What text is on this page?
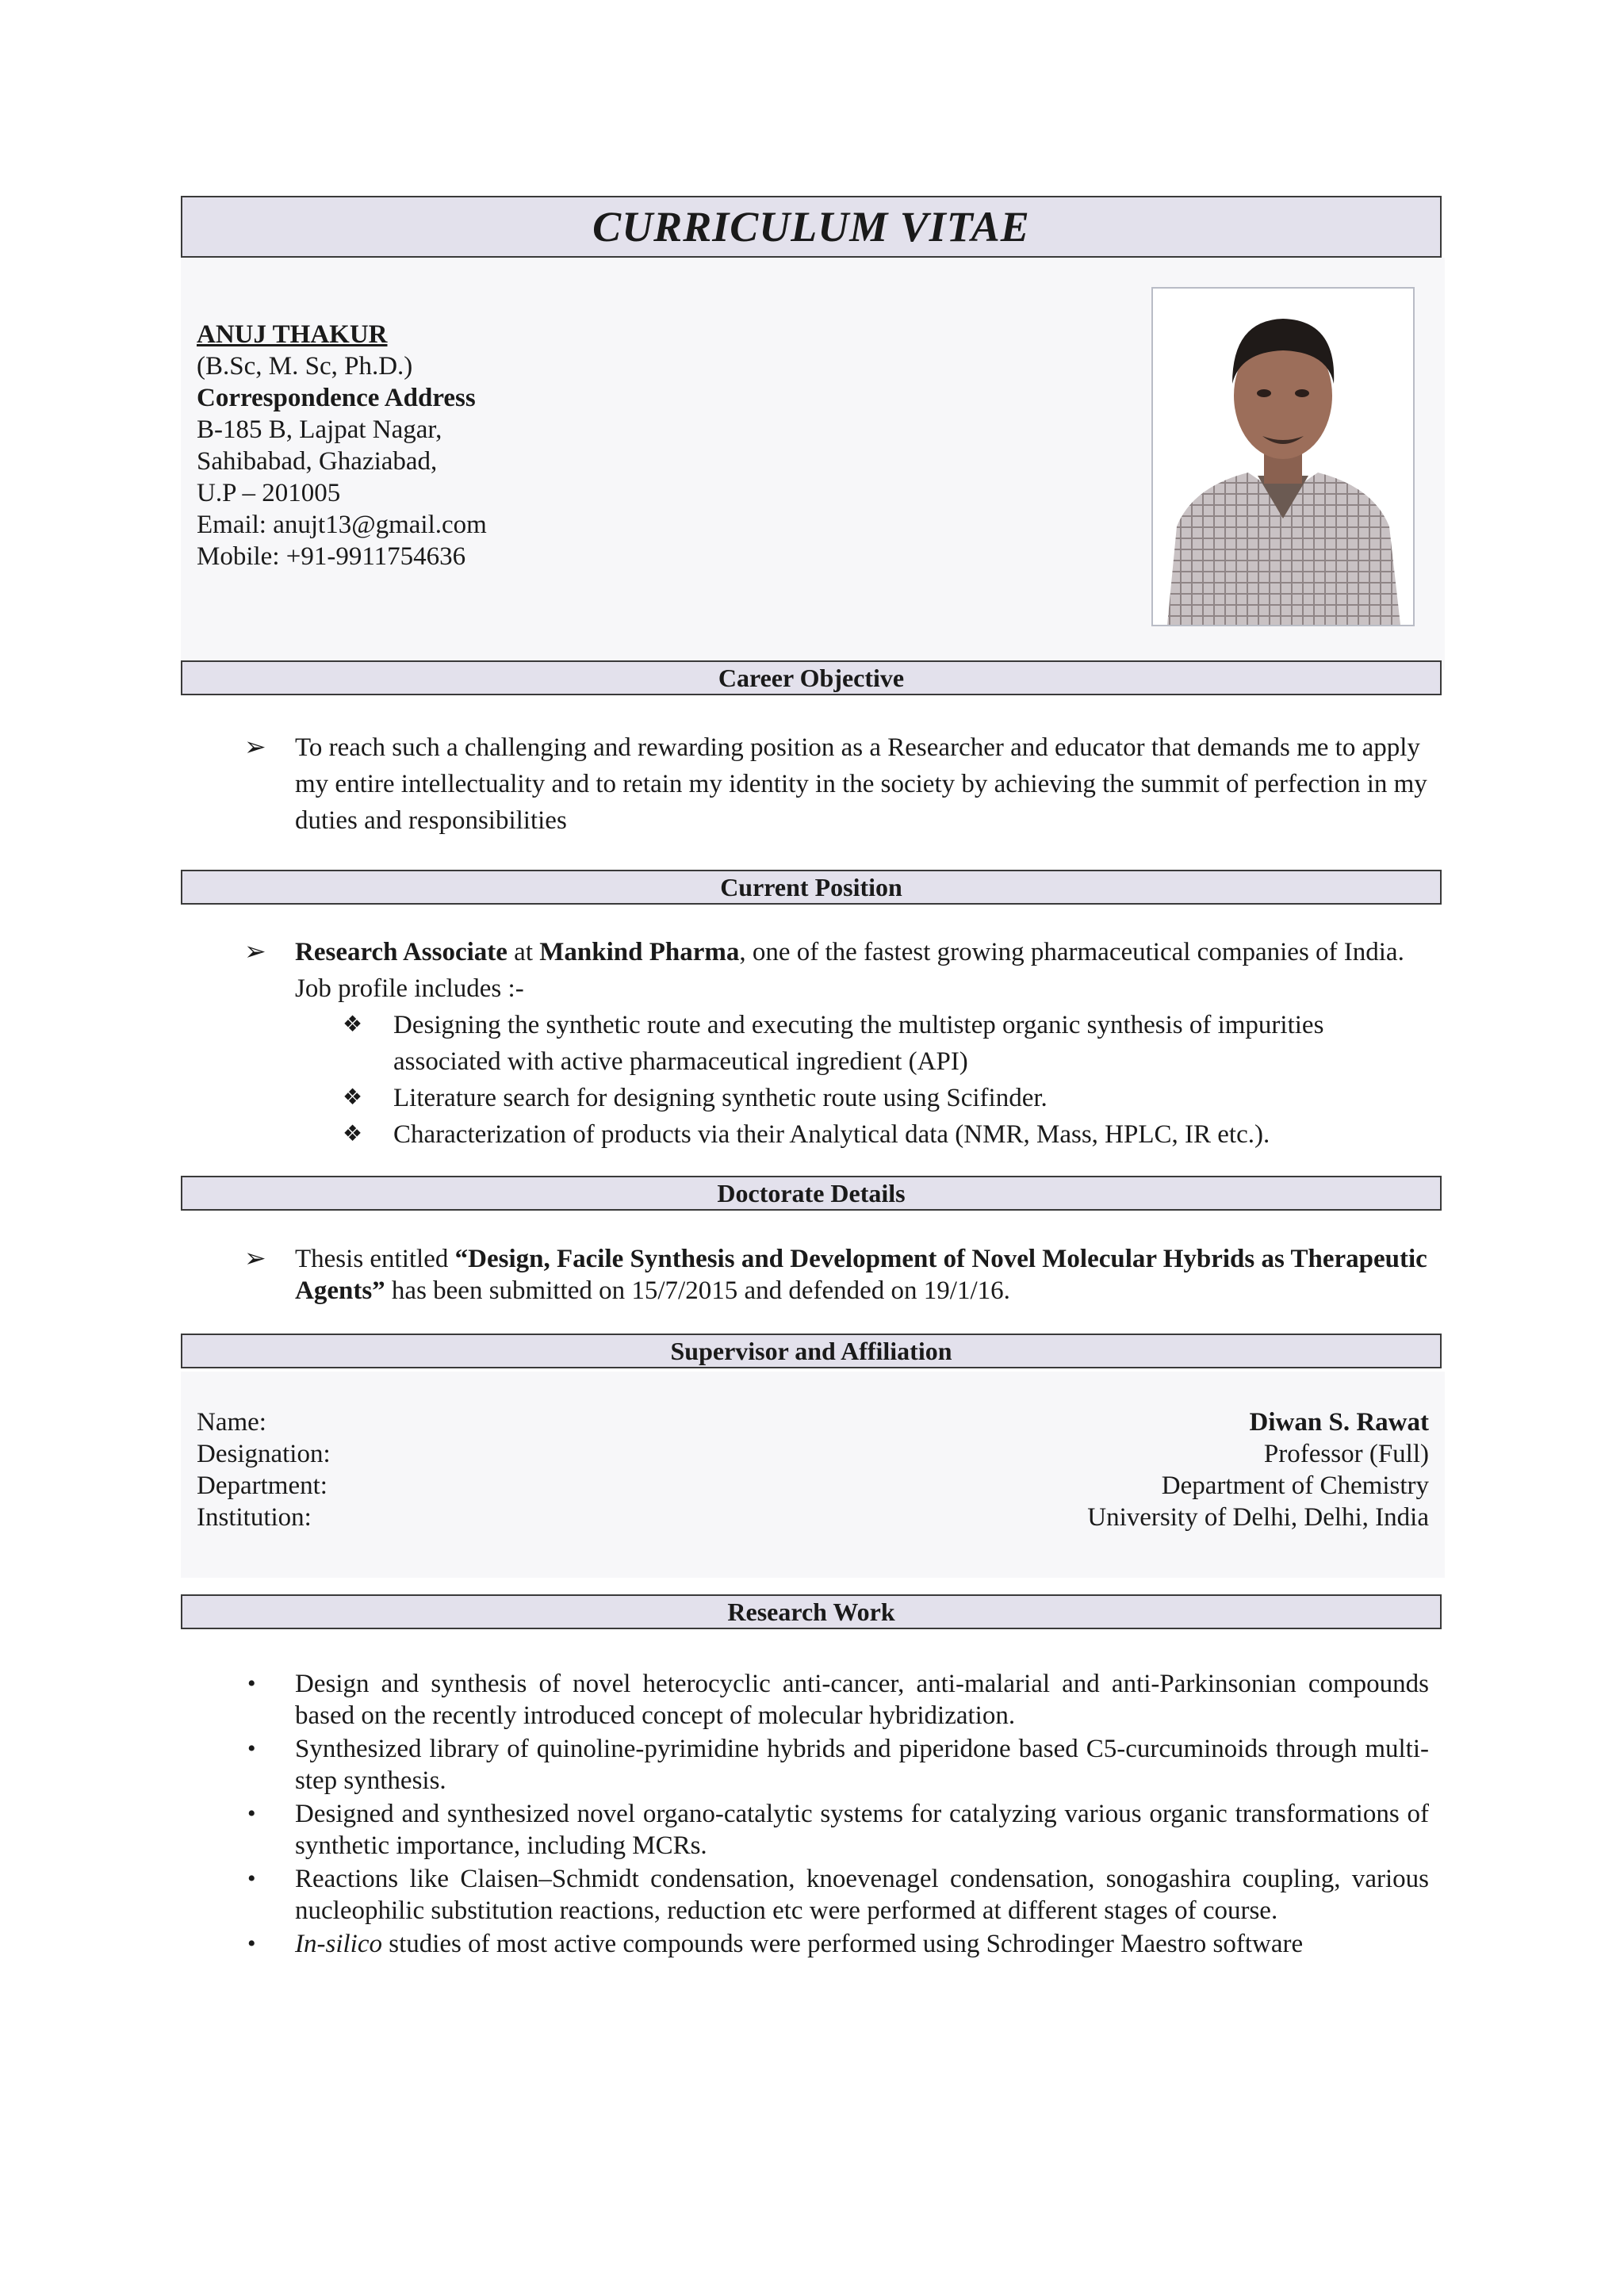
CURRICULUM VITAE
ANUJ THAKUR
(B.Sc, M. Sc, Ph.D.)
Correspondence Address
B-185 B, Lajpat Nagar,
Sahibabad, Ghaziabad,
U.P – 201005
Email: anujt13@gmail.com
Mobile: +91-9911754636
Career Objective
➢	To reach such a challenging and rewarding position as a Researcher and educator that demands me to apply my entire intellectuality and to retain my identity in the society by achieving the summit of perfection in my duties and responsibilities
Current Position
➢	Research Associate at Mankind Pharma, one of the fastest growing pharmaceutical companies of India. Job profile includes :-
❖	Designing the synthetic route and executing the multistep organic synthesis of impurities associated with active pharmaceutical ingredient (API)
❖	Literature search for designing synthetic route using Scifinder.
❖	Characterization of products via their Analytical data (NMR, Mass, HPLC, IR etc.).
Doctorate Details
➢	Thesis entitled “Design, Facile Synthesis and Development of Novel Molecular Hybrids as Therapeutic Agents” has been submitted on 15/7/2015 and defended on 19/1/16.
Supervisor and Affiliation
Name:	Diwan S. Rawat
Designation:	Professor (Full)
Department:	Department of Chemistry
Institution:	University of Delhi, Delhi, India
Research Work
• Design and synthesis of novel heterocyclic anti-cancer, anti-malarial and anti-Parkinsonian compounds based on the recently introduced concept of molecular hybridization.
• Synthesized library of quinoline-pyrimidine hybrids and piperidone based C5-curcuminoids through multi-step synthesis.
• Designed and synthesized novel organo-catalytic systems for catalyzing various organic transformations of synthetic importance, including MCRs.
• Reactions like Claisen–Schmidt condensation, knoevenagel condensation, sonogashira coupling, various nucleophilic substitution reactions, reduction etc were performed at different stages of course.
• In-silico studies of most active compounds were performed using Schrodinger Maestro software
